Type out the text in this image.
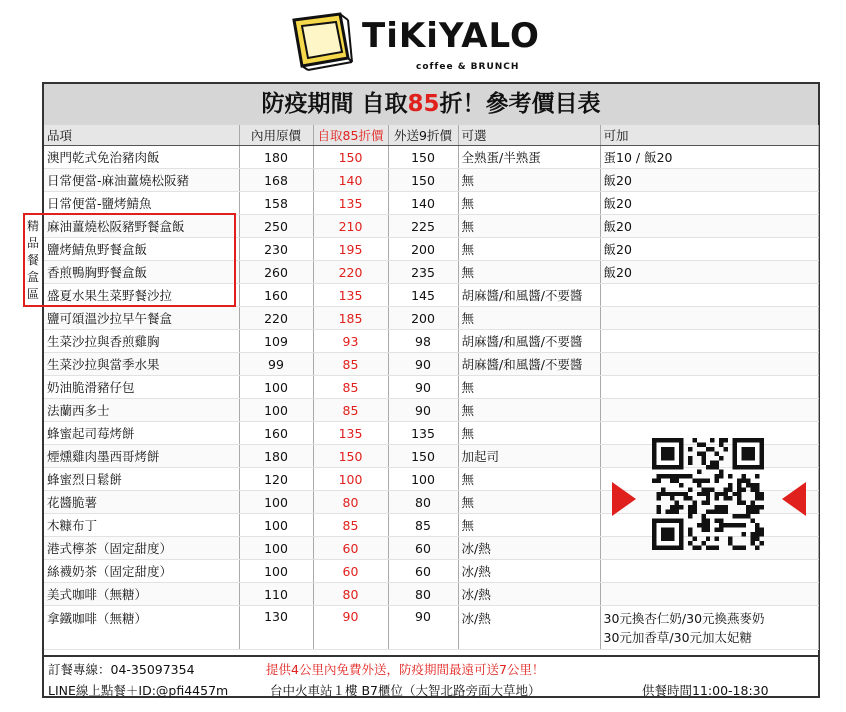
TiKiYALO
coffee & BRUNCH
防疫期間 自取85折！參考價目表
品項	內用原價	自取85折價	外送9折價	可選	可加
澳門乾式免治豬肉飯	180	150	150	全熟蛋/半熟蛋	蛋10 / 飯20
日常便當-麻油薑燒松阪豬	168	140	150	無	飯20
日常便當-鹽烤鯖魚	158	135	140	無	飯20
麻油薑燒松阪豬野餐盒飯	250	210	225	無	飯20
鹽烤鯖魚野餐盒飯	230	195	200	無	飯20
香煎鴨胸野餐盒飯	260	220	235	無	飯20
盛夏水果生菜野餐沙拉	160	135	145	胡麻醬/和風醬/不要醬	
鹽可頌溫沙拉早午餐盒	220	185	200	無	
生菜沙拉與香煎雞胸	109	93	98	胡麻醬/和風醬/不要醬	
生菜沙拉與當季水果	99	85	90	胡麻醬/和風醬/不要醬	
奶油脆滑豬仔包	100	85	90	無	
法蘭西多士	100	85	90	無	
蜂蜜起司莓烤餅	160	135	135	無	
煙燻雞肉墨西哥烤餅	180	150	150	加起司	
蜂蜜烈日鬆餅	120	100	100	無	
花醬脆薯	100	80	80	無	
木糠布丁	100	85	85	無	
港式檸茶（固定甜度）	100	60	60	冰/熱	
絲襪奶茶（固定甜度）	100	60	60	冰/熱	
美式咖啡（無糖）	110	80	80	冰/熱	
拿鐵咖啡（無糖）	130	90	90	冰/熱	30元換杏仁奶/30元換燕麥奶
30元加香草/30元加太妃糖
訂餐專線：04-35097354
LINE線上點餐＋ID:@pfi4457m
提供4公里內免費外送，防疫期間最遠可送7公里！
台中火車站１樓 B7櫃位（大智北路旁面大草地）	供餐時間11:00-18:30
精
品
餐
盒
區
